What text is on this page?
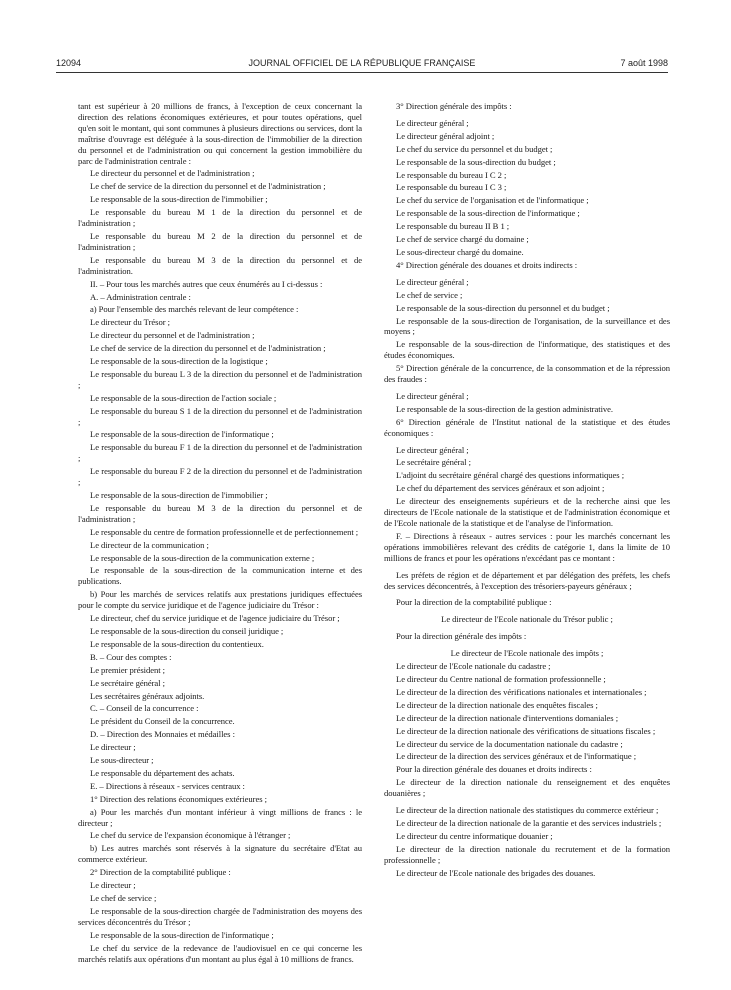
12094	JOURNAL OFFICIEL DE LA RÉPUBLIQUE FRANÇAISE	7 août 1998

tant est supérieur à 20 millions de francs, à l'exception de ceux concernant la direction des relations économiques extérieures, et pour toutes opérations, quel qu'en soit le montant, qui sont communes à plusieurs directions ou services, dont la maîtrise d'ouvrage est déléguée à la sous-direction de l'immobilier de la direction du personnel et de l'administration ou qui concernent la gestion immobilière du parc de l'administration centrale :

Le directeur du personnel et de l'administration ;

Le chef de service de la direction du personnel et de l'administration ;

Le responsable de la sous-direction de l'immobilier ;

Le responsable du bureau M 1 de la direction du personnel et de l'administration ;

Le responsable du bureau M 2 de la direction du personnel et de l'administration ;

Le responsable du bureau M 3 de la direction du personnel et de l'administration.

II. – Pour tous les marchés autres que ceux énumérés au I ci-dessus :

A. – Administration centrale :

a) Pour l'ensemble des marchés relevant de leur compétence :

Le directeur du Trésor ;

Le directeur du personnel et de l'administration ;

Le chef de service de la direction du personnel et de l'administration ;

Le responsable de la sous-direction de la logistique ;

Le responsable du bureau L 3 de la direction du personnel et de l'administration ;

Le responsable de la sous-direction de l'action sociale ;

Le responsable du bureau S 1 de la direction du personnel et de l'administration ;

Le responsable de la sous-direction de l'informatique ;

Le responsable du bureau F 1 de la direction du personnel et de l'administration ;

Le responsable du bureau F 2 de la direction du personnel et de l'administration ;

Le responsable de la sous-direction de l'immobilier ;

Le responsable du bureau M 3 de la direction du personnel et de l'administration ;

Le responsable du centre de formation professionnelle et de perfectionnement ;

Le directeur de la communication ;

Le responsable de la sous-direction de la communication externe ;

Le responsable de la sous-direction de la communication interne et des publications.

b) Pour les marchés de services relatifs aux prestations juridiques effectuées pour le compte du service juridique et de l'agence judiciaire du Trésor :

Le directeur, chef du service juridique et de l'agence judiciaire du Trésor ;

Le responsable de la sous-direction du conseil juridique ;

Le responsable de la sous-direction du contentieux.

B. – Cour des comptes :

Le premier président ;

Le secrétaire général ;

Les secrétaires généraux adjoints.

C. – Conseil de la concurrence :

Le président du Conseil de la concurrence.

D. – Direction des Monnaies et médailles :

Le directeur ;

Le sous-directeur ;

Le responsable du département des achats.

E. – Directions à réseaux - services centraux :

1° Direction des relations économiques extérieures ;

a) Pour les marchés d'un montant inférieur à vingt millions de francs : le directeur ;

Le chef du service de l'expansion économique à l'étranger ;

b) Les autres marchés sont réservés à la signature du secrétaire d'Etat au commerce extérieur.

2° Direction de la comptabilité publique :

Le directeur ;

Le chef de service ;

Le responsable de la sous-direction chargée de l'administration des moyens des services déconcentrés du Trésor ;

Le responsable de la sous-direction de l'informatique ;

Le chef du service de la redevance de l'audiovisuel en ce qui concerne les marchés relatifs aux opérations d'un montant au plus égal à 10 millions de francs.

3° Direction générale des impôts :

Le directeur général ;

Le directeur général adjoint ;

Le chef du service du personnel et du budget ;

Le responsable de la sous-direction du budget ;

Le responsable du bureau I C 2 ;

Le responsable du bureau I C 3 ;

Le chef du service de l'organisation et de l'informatique ;

Le responsable de la sous-direction de l'informatique ;

Le responsable du bureau II B 1 ;

Le chef de service chargé du domaine ;

Le sous-directeur chargé du domaine.

4° Direction générale des douanes et droits indirects :

Le directeur général ;

Le chef de service ;

Le responsable de la sous-direction du personnel et du budget ;

Le responsable de la sous-direction de l'organisation, de la surveillance et des moyens ;

Le responsable de la sous-direction de l'informatique, des statistiques et des études économiques.

5° Direction générale de la concurrence, de la consommation et de la répression des fraudes :

Le directeur général ;

Le responsable de la sous-direction de la gestion administrative.

6° Direction générale de l'Institut national de la statistique et des études économiques :

Le directeur général ;

Le secrétaire général ;

L'adjoint du secrétaire général chargé des questions informatiques ;

Le chef du département des services généraux et son adjoint ;

Le directeur des enseignements supérieurs et de la recherche ainsi que les directeurs de l'Ecole nationale de la statistique et de l'administration économique et de l'Ecole nationale de la statistique et de l'analyse de l'information.

F. – Directions à réseaux - autres services : pour les marchés concernant les opérations immobilières relevant des crédits de catégorie 1, dans la limite de 10 millions de francs et pour les opérations n'excédant pas ce montant :

Les préfets de région et de département et par délégation des préfets, les chefs des services déconcentrés, à l'exception des trésoriers-payeurs généraux ;

Pour la direction de la comptabilité publique :

Le directeur de l'Ecole nationale du Trésor public ;

Pour la direction générale des impôts :

Le directeur de l'Ecole nationale des impôts ;

Le directeur de l'Ecole nationale du cadastre ;

Le directeur du Centre national de formation professionnelle ;

Le directeur de la direction des vérifications nationales et internationales ;

Le directeur de la direction nationale des enquêtes fiscales ;

Le directeur de la direction nationale d'interventions domaniales ;

Le directeur de la direction nationale des vérifications de situations fiscales ;

Le directeur du service de la documentation nationale du cadastre ;

Le directeur de la direction des services généraux et de l'informatique ;

Pour la direction générale des douanes et droits indirects :

Le directeur de la direction nationale du renseignement et des enquêtes douanières ;

Le directeur de la direction nationale des statistiques du commerce extérieur ;

Le directeur de la direction nationale de la garantie et des services industriels ;

Le directeur du centre informatique douanier ;

Le directeur de la direction nationale du recrutement et de la formation professionnelle ;

Le directeur de l'Ecole nationale des brigades des douanes.
